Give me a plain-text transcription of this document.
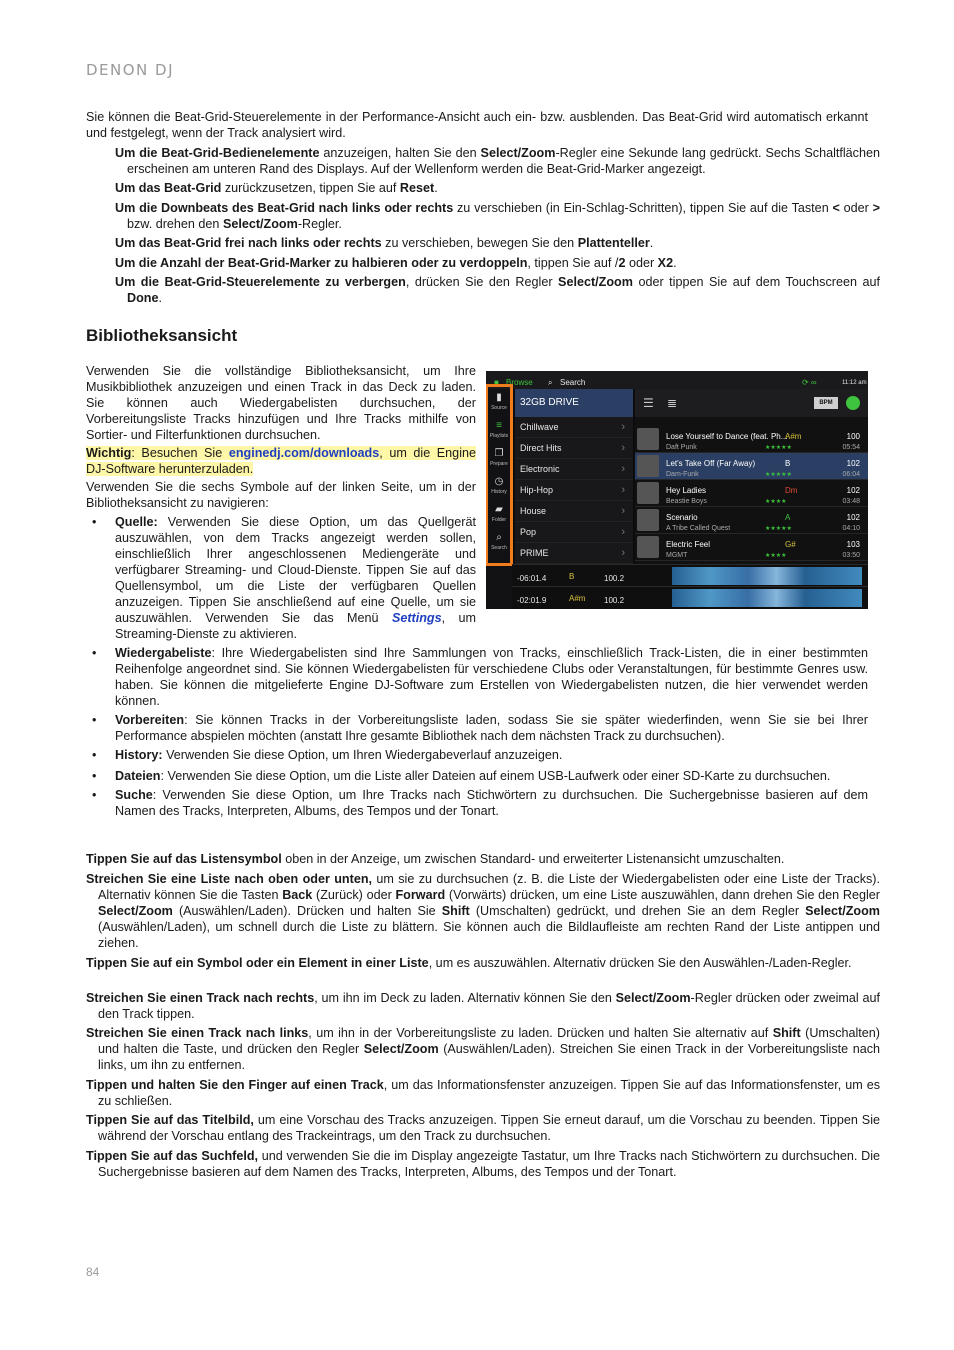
DENON DJ

Sie können die Beat-Grid-Steuerelemente in der Performance-Ansicht auch ein- bzw. ausblenden. Das Beat-Grid wird automatisch erkannt und festgelegt, wenn der Track analysiert wird.

Um die Beat-Grid-Bedienelemente anzuzeigen, halten Sie den Select/Zoom-Regler eine Sekunde lang gedrückt. Sechs Schaltflächen erscheinen am unteren Rand des Displays. Auf der Wellenform werden die Beat-Grid-Marker angezeigt.

Um das Beat-Grid zurückzusetzen, tippen Sie auf Reset.

Um die Downbeats des Beat-Grid nach links oder rechts zu verschieben (in Ein-Schlag-Schritten), tippen Sie auf die Tasten < oder > bzw. drehen den Select/Zoom-Regler.

Um das Beat-Grid frei nach links oder rechts zu verschieben, bewegen Sie den Plattenteller.

Um die Anzahl der Beat-Grid-Marker zu halbieren oder zu verdoppeln, tippen Sie auf /2 oder X2.

Um die Beat-Grid-Steuerelemente zu verbergen, drücken Sie den Regler Select/Zoom oder tippen Sie auf dem Touchscreen auf Done.

Bibliotheksansicht

Verwenden Sie die vollständige Bibliotheksansicht, um Ihre Musikbibliothek anzuzeigen und einen Track in das Deck zu laden. Sie können auch Wiedergabelisten durchsuchen, der Vorbereitungsliste Tracks hinzufügen und Ihre Tracks mithilfe von Sortier- und Filterfunktionen durchsuchen.

Wichtig: Besuchen Sie enginedj.com/downloads, um die Engine DJ-Software herunterzuladen.

Verwenden Sie die sechs Symbole auf der linken Seite, um in der Bibliotheksansicht zu navigieren:

• Quelle: Verwenden Sie diese Option, um das Quellgerät auszuwählen, von dem Tracks angezeigt werden sollen, einschließlich Ihrer angeschlossenen Mediengeräte und verfügbarer Streaming- und Cloud-Dienste. Tippen Sie auf das Quellensymbol, um die Liste der verfügbaren Quellen anzuzeigen. Tippen Sie anschließend auf eine Quelle, um sie auszuwählen. Verwenden Sie das Menü Settings, um Streaming-Dienste zu aktivieren.
• Wiedergabeliste: Ihre Wiedergabelisten sind Ihre Sammlungen von Tracks, einschließlich Track-Listen, die in einer bestimmten Reihenfolge angeordnet sind. Sie können Wiedergabelisten für verschiedene Clubs oder Veranstaltungen, für bestimmte Genres usw. haben. Sie können die mitgelieferte Engine DJ-Software zum Erstellen von Wiedergabelisten nutzen, die hier verwendet werden können.
• Vorbereiten: Sie können Tracks in der Vorbereitungsliste laden, sodass Sie sie später wiederfinden, wenn Sie sie bei Ihrer Performance abspielen möchten (anstatt Ihre gesamte Bibliothek nach dem nächsten Track zu durchsuchen).
• History: Verwenden Sie diese Option, um Ihren Wiedergabeverlauf anzuzeigen.
• Dateien: Verwenden Sie diese Option, um die Liste aller Dateien auf einem USB-Laufwerk oder einer SD-Karte zu durchsuchen.
• Suche: Verwenden Sie diese Option, um Ihre Tracks nach Stichwörtern zu durchsuchen. Die Suchergebnisse basieren auf dem Namen des Tracks, Interpreten, Albums, des Tempos und der Tonart.
■ Browse ⌕ Search	⟳ ∞	11:12 am
▮
Source
≡
Playlists
❐
Prepare
◷
History
▰
Folder
⌕
Search
32GB DRIVE
Chillwave ›
Direct Hits ›
Electronic ›
Hip-Hop ›
House ›
Pop ›
PRIME ›
☰ ≣	BPM
Lose Yourself to Dance (feat. Ph...
Daft Punk
A#m	100
★★★★★	05:54
Let's Take Off (Far Away)
Dam-Funk
B	102
★★★★★	06:04
Hey Ladies
Beastie Boys
Dm	102
★★★★	03:48
Scenario
A Tribe Called Quest
A	102
★★★★★	04:10
Electric Feel
MGMT
G#	103
★★★★	03:50
-06:01.4	B	100.2
-02:01.9	A#m 100.2

Tippen Sie auf das Listensymbol oben in der Anzeige, um zwischen Standard- und erweiterter Listenansicht umzuschalten.

Streichen Sie eine Liste nach oben oder unten, um sie zu durchsuchen (z. B. die Liste der Wiedergabelisten oder eine Liste der Tracks). Alternativ können Sie die Tasten Back (Zurück) oder Forward (Vorwärts) drücken, um eine Liste auszuwählen, dann drehen Sie den Regler Select/Zoom (Auswählen/Laden). Drücken und halten Sie Shift (Umschalten) gedrückt, und drehen Sie an dem Regler Select/Zoom (Auswählen/Laden), um schnell durch die Liste zu blättern. Sie können auch die Bildlaufleiste am rechten Rand der Liste antippen und ziehen.

Tippen Sie auf ein Symbol oder ein Element in einer Liste, um es auszuwählen. Alternativ drücken Sie den Auswählen-/Laden-Regler.

Streichen Sie einen Track nach rechts, um ihn im Deck zu laden. Alternativ können Sie den Select/Zoom-Regler drücken oder zweimal auf den Track tippen.

Streichen Sie einen Track nach links, um ihn in der Vorbereitungsliste zu laden. Drücken und halten Sie alternativ auf Shift (Umschalten) und halten die Taste, und drücken den Regler Select/Zoom (Auswählen/Laden). Streichen Sie einen Track in der Vorbereitungsliste nach links, um ihn zu entfernen.

Tippen und halten Sie den Finger auf einen Track, um das Informationsfenster anzuzeigen. Tippen Sie auf das Informationsfenster, um es zu schließen.

Tippen Sie auf das Titelbild, um eine Vorschau des Tracks anzuzeigen. Tippen Sie erneut darauf, um die Vorschau zu beenden. Tippen Sie während der Vorschau entlang des Trackeintrags, um den Track zu durchsuchen.

Tippen Sie auf das Suchfeld, und verwenden Sie die im Display angezeigte Tastatur, um Ihre Tracks nach Stichwörtern zu durchsuchen. Die Suchergebnisse basieren auf dem Namen des Tracks, Interpreten, Albums, des Tempos und der Tonart.

84
